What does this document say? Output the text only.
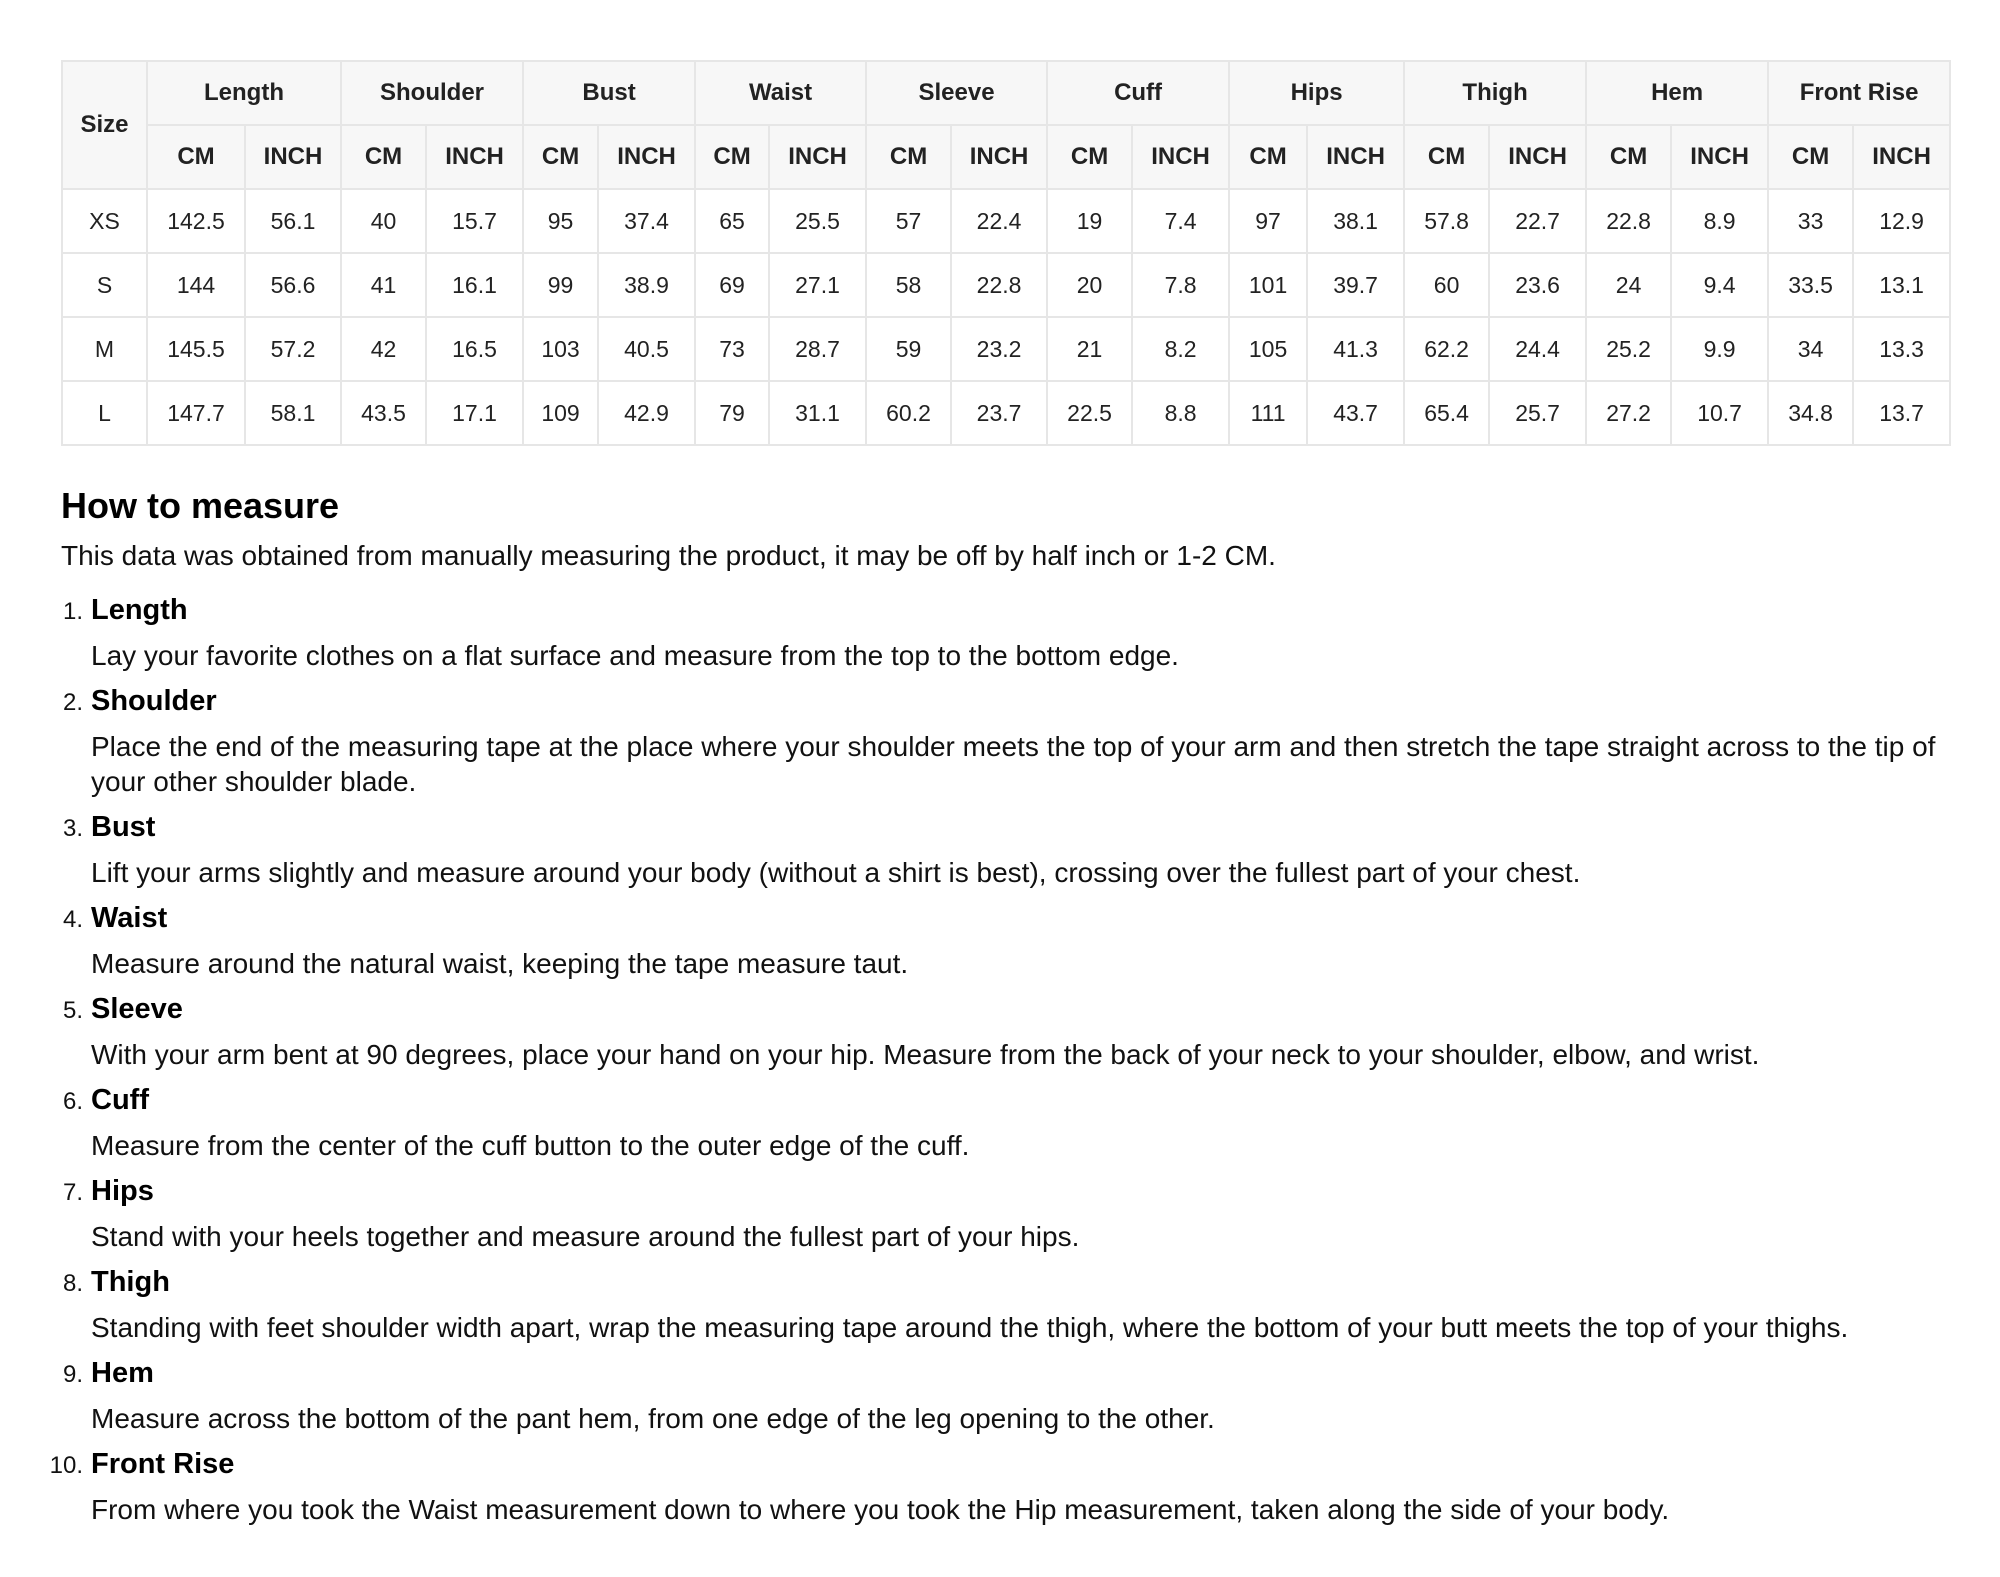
Size	Length		Shoulder		Bust		Waist		Sleeve		Cuff		Hips		Thigh		Hem		Front Rise	
	CM	INCH	CM	INCH	CM	INCH	CM	INCH	CM	INCH	CM	INCH	CM	INCH	CM	INCH	CM	INCH	CM	INCH
XS	142.5	56.1	40	15.7	95	37.4	65	25.5	57	22.4	19	7.4	97	38.1	57.8	22.7	22.8	8.9	33	12.9
S	144	56.6	41	16.1	99	38.9	69	27.1	58	22.8	20	7.8	101	39.7	60	23.6	24	9.4	33.5	13.1
M	145.5	57.2	42	16.5	103	40.5	73	28.7	59	23.2	21	8.2	105	41.3	62.2	24.4	25.2	9.9	34	13.3
L	147.7	58.1	43.5	17.1	109	42.9	79	31.1	60.2	23.7	22.5	8.8	111	43.7	65.4	25.7	27.2	10.7	34.8	13.7
How to measure

This data was obtained from manually measuring the product, it may be off by half inch or 1-2 CM.

1. Length
Lay your favorite clothes on a flat surface and measure from the top to the bottom edge.
2. Shoulder
Place the end of the measuring tape at the place where your shoulder meets the top of your arm and then stretch the tape straight across to the tip of your other shoulder blade.
3. Bust
Lift your arms slightly and measure around your body (without a shirt is best), crossing over the fullest part of your chest.
4. Waist
Measure around the natural waist, keeping the tape measure taut.
5. Sleeve
With your arm bent at 90 degrees, place your hand on your hip. Measure from the back of your neck to your shoulder, elbow, and wrist.
6. Cuff
Measure from the center of the cuff button to the outer edge of the cuff.
7. Hips
Stand with your heels together and measure around the fullest part of your hips.
8. Thigh
Standing with feet shoulder width apart, wrap the measuring tape around the thigh, where the bottom of your butt meets the top of your thighs.
9. Hem
Measure across the bottom of the pant hem, from one edge of the leg opening to the other.
10. Front Rise
From where you took the Waist measurement down to where you took the Hip measurement, taken along the side of your body.
